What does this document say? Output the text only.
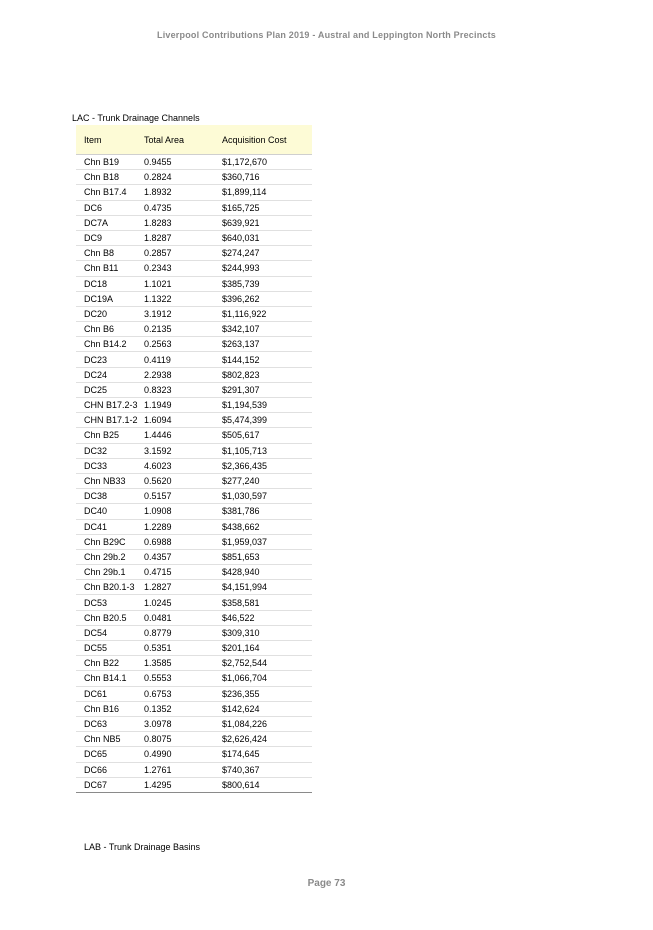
Liverpool Contributions Plan 2019 - Austral and Leppington North Precincts
LAC - Trunk Drainage Channels
Item	Total Area	Acquisition Cost
Chn B19	0.9455	$1,172,670
Chn B18	0.2824	$360,716
Chn B17.4	1.8932	$1,899,114
DC6	0.4735	$165,725
DC7A	1.8283	$639,921
DC9	1.8287	$640,031
Chn B8	0.2857	$274,247
Chn B11	0.2343	$244,993
DC18	1.1021	$385,739
DC19A	1.1322	$396,262
DC20	3.1912	$1,116,922
Chn B6	0.2135	$342,107
Chn B14.2	0.2563	$263,137
DC23	0.4119	$144,152
DC24	2.2938	$802,823
DC25	0.8323	$291,307
CHN B17.2-3	1.1949	$1,194,539
CHN B17.1-2	1.6094	$5,474,399
Chn B25	1.4446	$505,617
DC32	3.1592	$1,105,713
DC33	4.6023	$2,366,435
Chn NB33	0.5620	$277,240
DC38	0.5157	$1,030,597
DC40	1.0908	$381,786
DC41	1.2289	$438,662
Chn B29C	0.6988	$1,959,037
Chn 29b.2	0.4357	$851,653
Chn 29b.1	0.4715	$428,940
Chn B20.1-3	1.2827	$4,151,994
DC53	1.0245	$358,581
Chn B20.5	0.0481	$46,522
DC54	0.8779	$309,310
DC55	0.5351	$201,164
Chn B22	1.3585	$2,752,544
Chn B14.1	0.5553	$1,066,704
DC61	0.6753	$236,355
Chn B16	0.1352	$142,624
DC63	3.0978	$1,084,226
Chn NB5	0.8075	$2,626,424
DC65	0.4990	$174,645
DC66	1.2761	$740,367
DC67	1.4295	$800,614
LAB - Trunk Drainage Basins
Page 73
